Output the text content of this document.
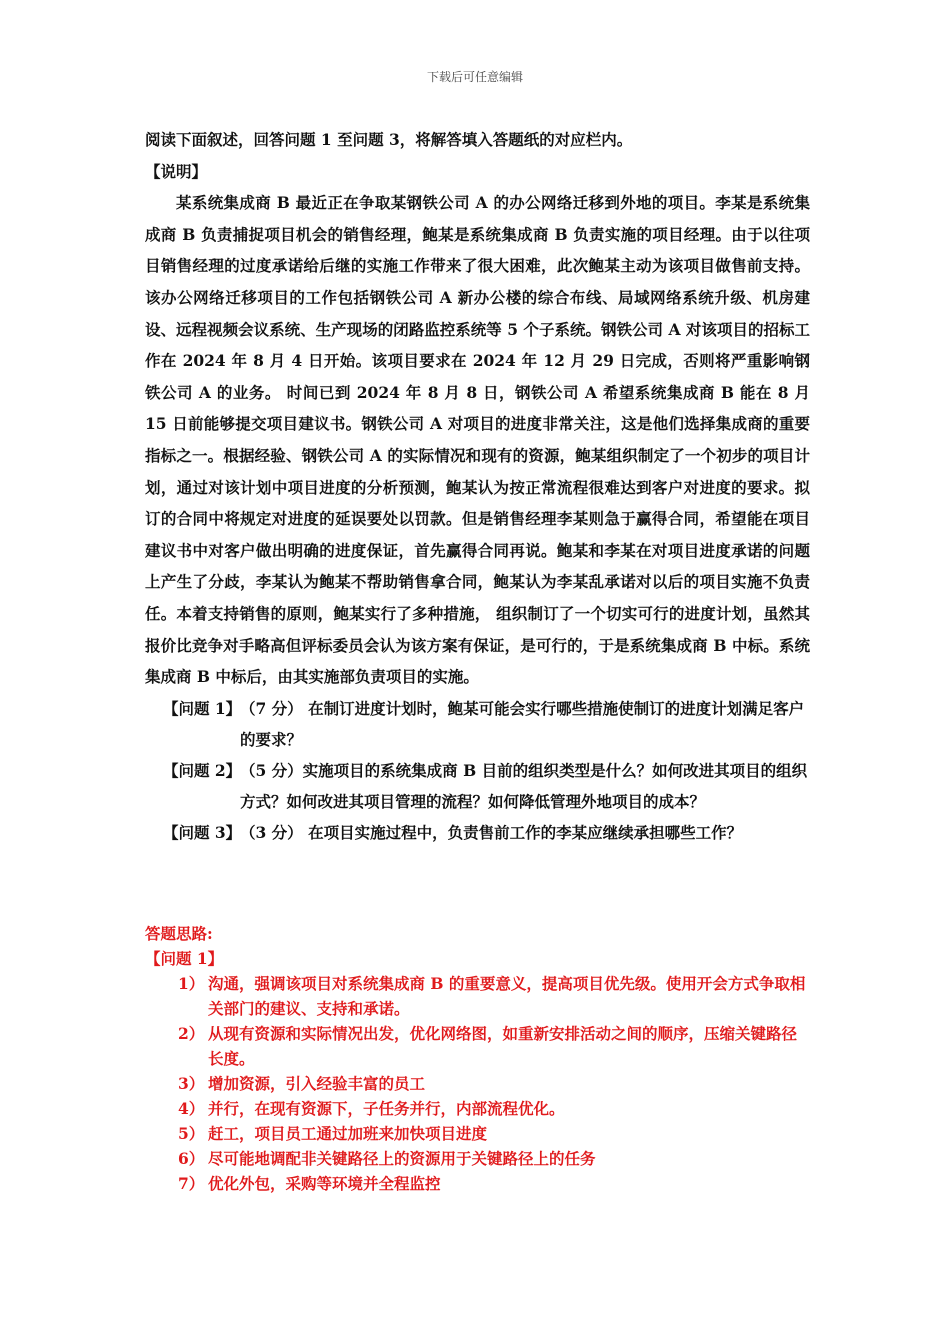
下载后可任意编辑

阅读下面叙述，回答问题 1 至问题 3，将解答填入答题纸的对应栏内。

【说明】

某系统集成商 B 最近正在争取某钢铁公司 A 的办公网络迁移到外地的项目。李某是系统集成商 B 负责捕捉项目机会的销售经理，鲍某是系统集成商 B 负责实施的项目经理。由于以往项目销售经理的过度承诺给后继的实施工作带来了很大困难，此次鲍某主动为该项目做售前支持。该办公网络迁移项目的工作包括钢铁公司 A 新办公楼的综合布线、局域网络系统升级、机房建设、远程视频会议系统、生产现场的闭路监控系统等 5 个子系统。钢铁公司 A 对该项目的招标工作在 2024 年 8 月 4 日开始。该项目要求在 2024 年 12 月 29 日完成，否则将严重影响钢铁公司 A 的业务。 时间已到 2024 年 8 月 8 日，钢铁公司 A 希望系统集成商 B 能在 8 月 15 日前能够提交项目建议书。钢铁公司 A 对项目的进度非常关注，这是他们选择集成商的重要指标之一。根据经验、钢铁公司 A 的实际情况和现有的资源，鲍某组织制定了一个初步的项目计划，通过对该计划中项目进度的分析预测，鲍某认为按正常流程很难达到客户对进度的要求。拟订的合同中将规定对进度的延误要处以罚款。但是销售经理李某则急于赢得合同，希望能在项目建议书中对客户做出明确的进度保证，首先赢得合同再说。鲍某和李某在对项目进度承诺的问题上产生了分歧，李某认为鲍某不帮助销售拿合同，鲍某认为李某乱承诺对以后的项目实施不负责任。本着支持销售的原则，鲍某实行了多种措施， 组织制订了一个切实可行的进度计划，虽然其报价比竞争对手略高但评标委员会认为该方案有保证，是可行的，于是系统集成商 B 中标。系统集成商 B 中标后，由其实施部负责项目的实施。

【问题 1】
（7 分） 在制订进度计划时，鲍某可能会实行哪些措施使制订的进度计划满足客户的要求？
【问题 2】
（5 分）实施项目的系统集成商 B 目前的组织类型是什么？如何改进其项目的组织方式？如何改进其项目管理的流程？如何降低管理外地项目的成本？
【问题 3】
（3 分） 在项目实施过程中，负责售前工作的李某应继续承担哪些工作？

答题思路:

【问题 1】

1） 沟通，强调该项目对系统集成商 B 的重要意义，提高项目优先级。使用开会方式争取相关部门的建议、支持和承诺。
2） 从现有资源和实际情况出发，优化网络图，如重新安排活动之间的顺序，压缩关键路径长度。
3） 增加资源，引入经验丰富的员工
4） 并行，在现有资源下，子任务并行，内部流程优化。
5） 赶工，项目员工通过加班来加快项目进度
6） 尽可能地调配非关键路径上的资源用于关键路径上的任务
7） 优化外包，采购等环境并全程监控
